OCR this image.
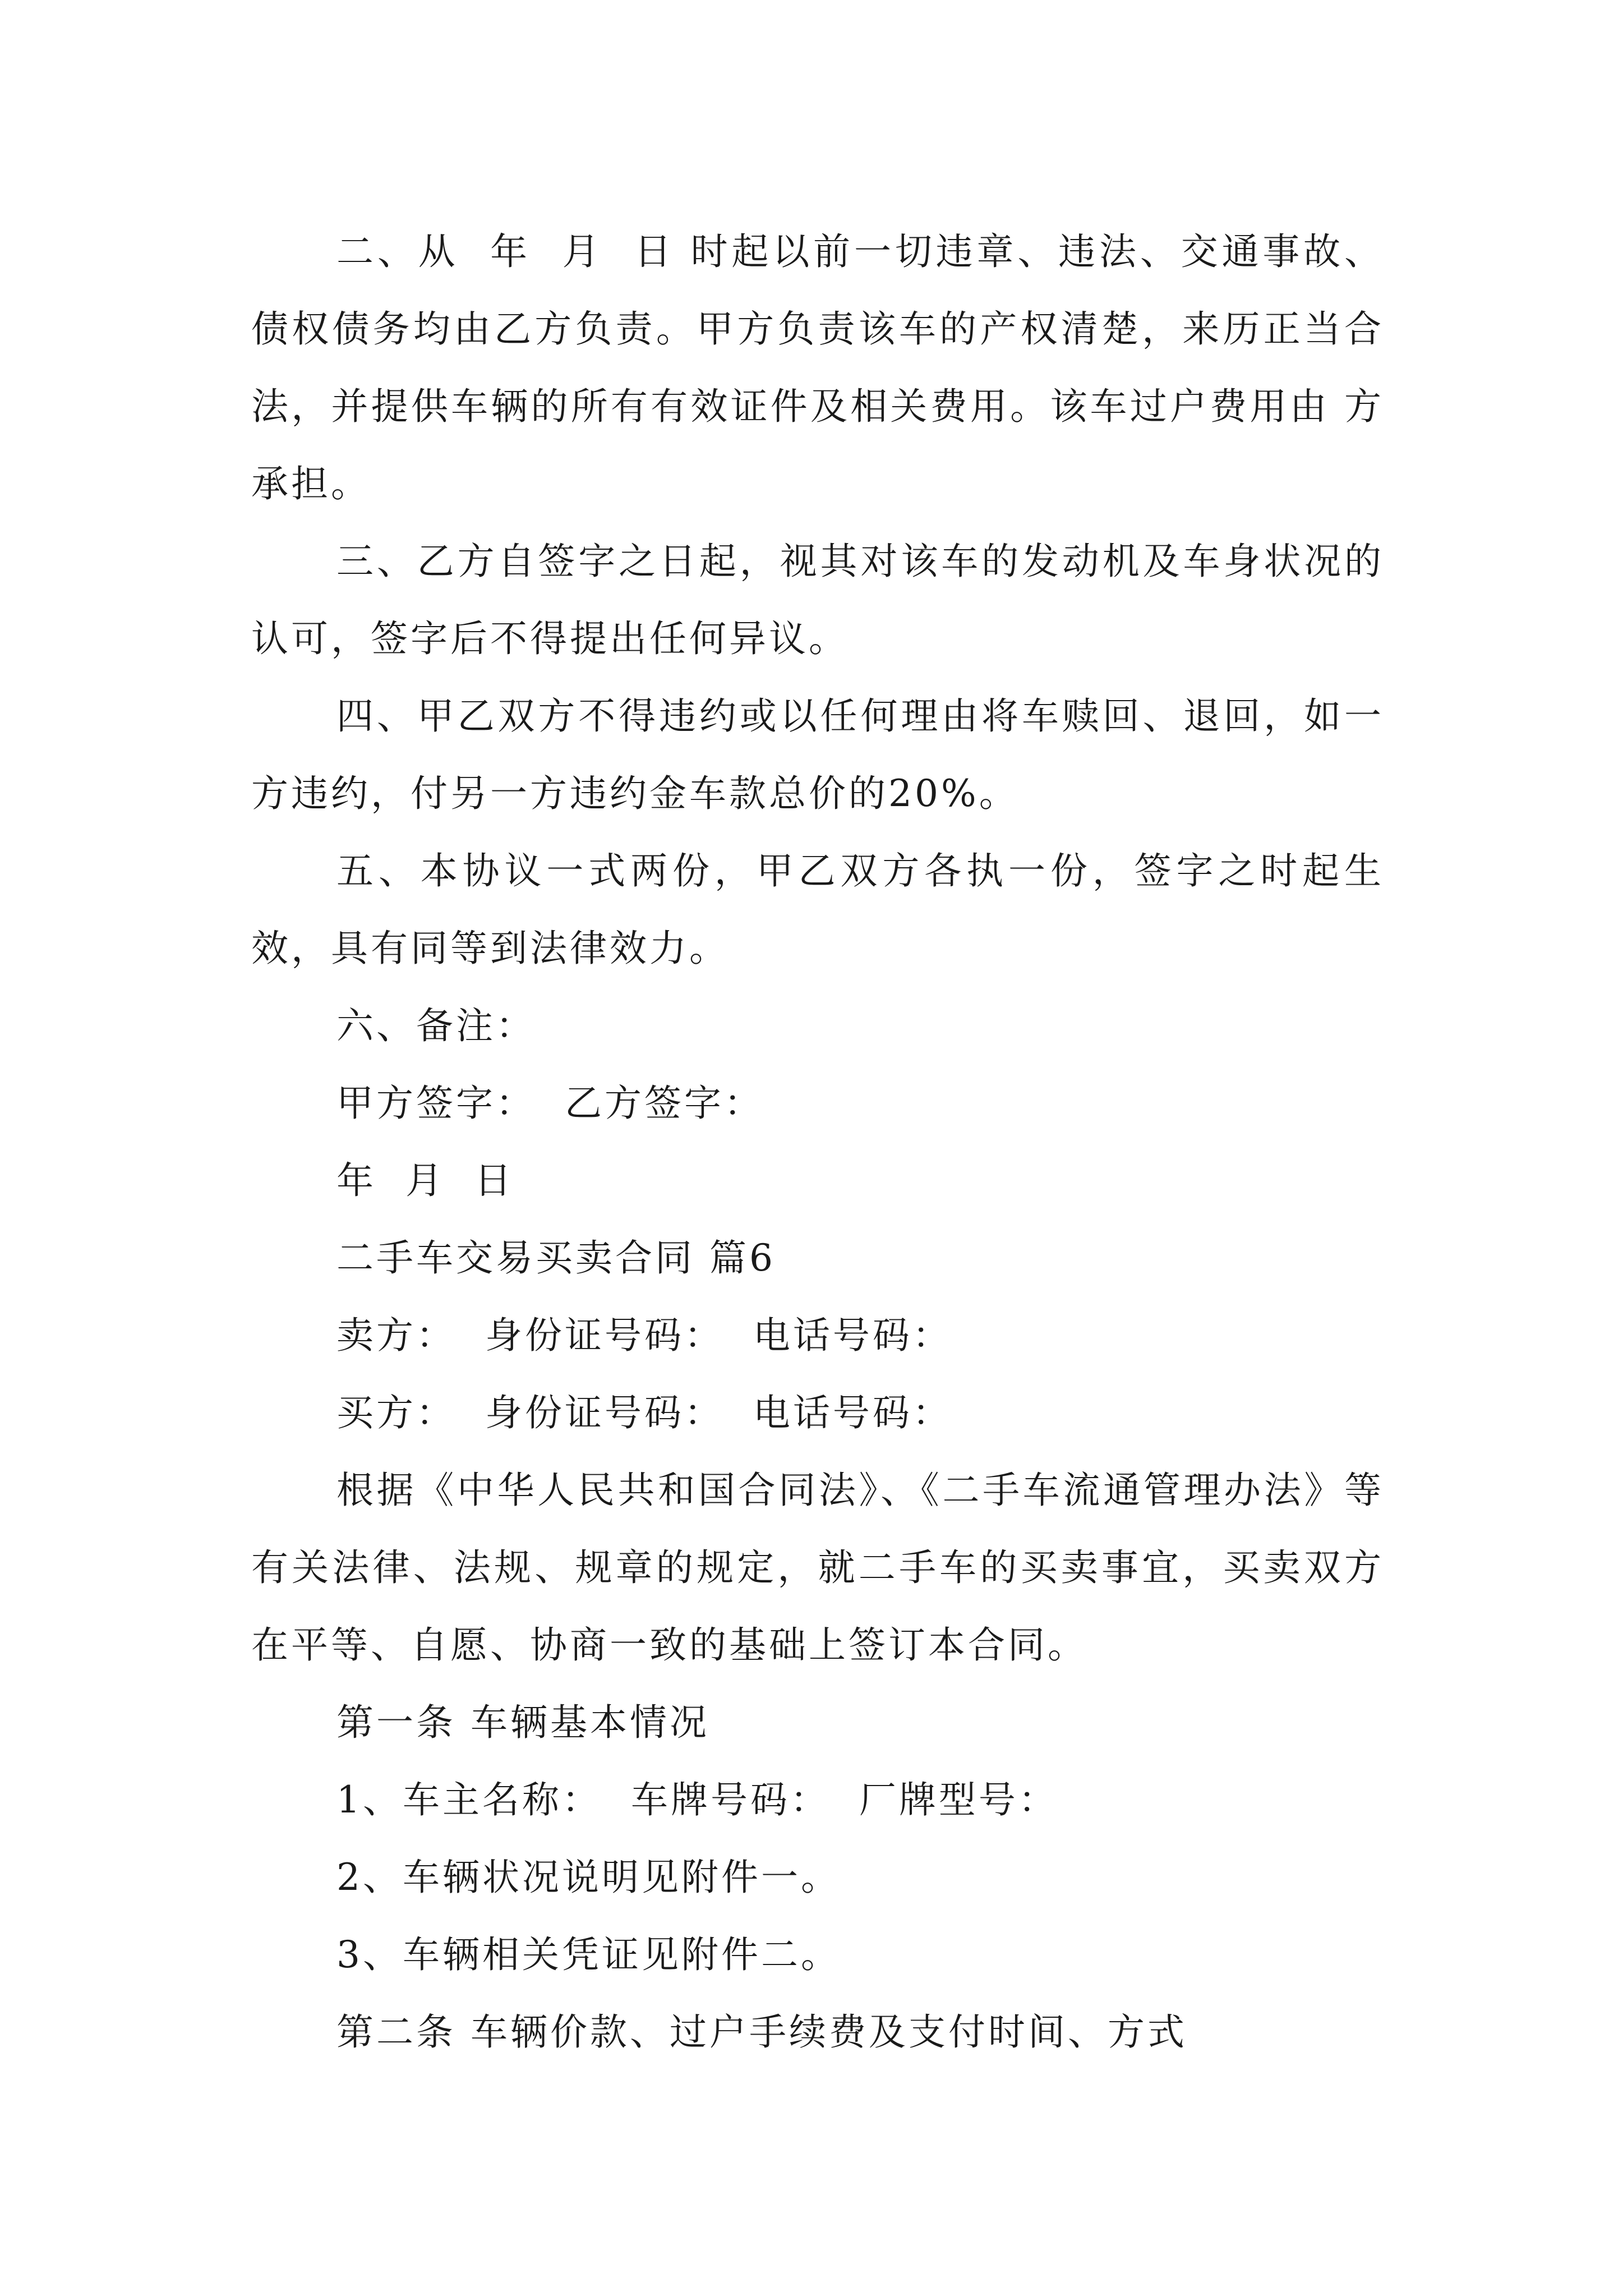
二、从  年  月  日 时起以前一切违章、违法、交通事故、债权债务均由乙方负责。甲方负责该车的产权清楚，来历正当合法，并提供车辆的所有有效证件及相关费用。该车过户费用由 方承担。

三、乙方自签字之日起，视其对该车的发动机及车身状况的认可，签字后不得提出任何异议。

四、甲乙双方不得违约或以任何理由将车赎回、退回，如一方违约，付另一方违约金车款总价的20%。

五、本协议一式两份，甲乙双方各执一份，签字之时起生效，具有同等到法律效力。

六、备注：

甲方签字：  乙方签字：

年  月  日

二手车交易买卖合同 篇6

卖方：  身份证号码：  电话号码：

买方：  身份证号码：  电话号码：

根据《中华人民共和国合同法》、《二手车流通管理办法》等有关法律、法规、规章的规定，就二手车的买卖事宜，买卖双方在平等、自愿、协商一致的基础上签订本合同。

第一条 车辆基本情况

1、车主名称：  车牌号码：  厂牌型号：

2、车辆状况说明见附件一。

3、车辆相关凭证见附件二。

第二条 车辆价款、过户手续费及支付时间、方式
